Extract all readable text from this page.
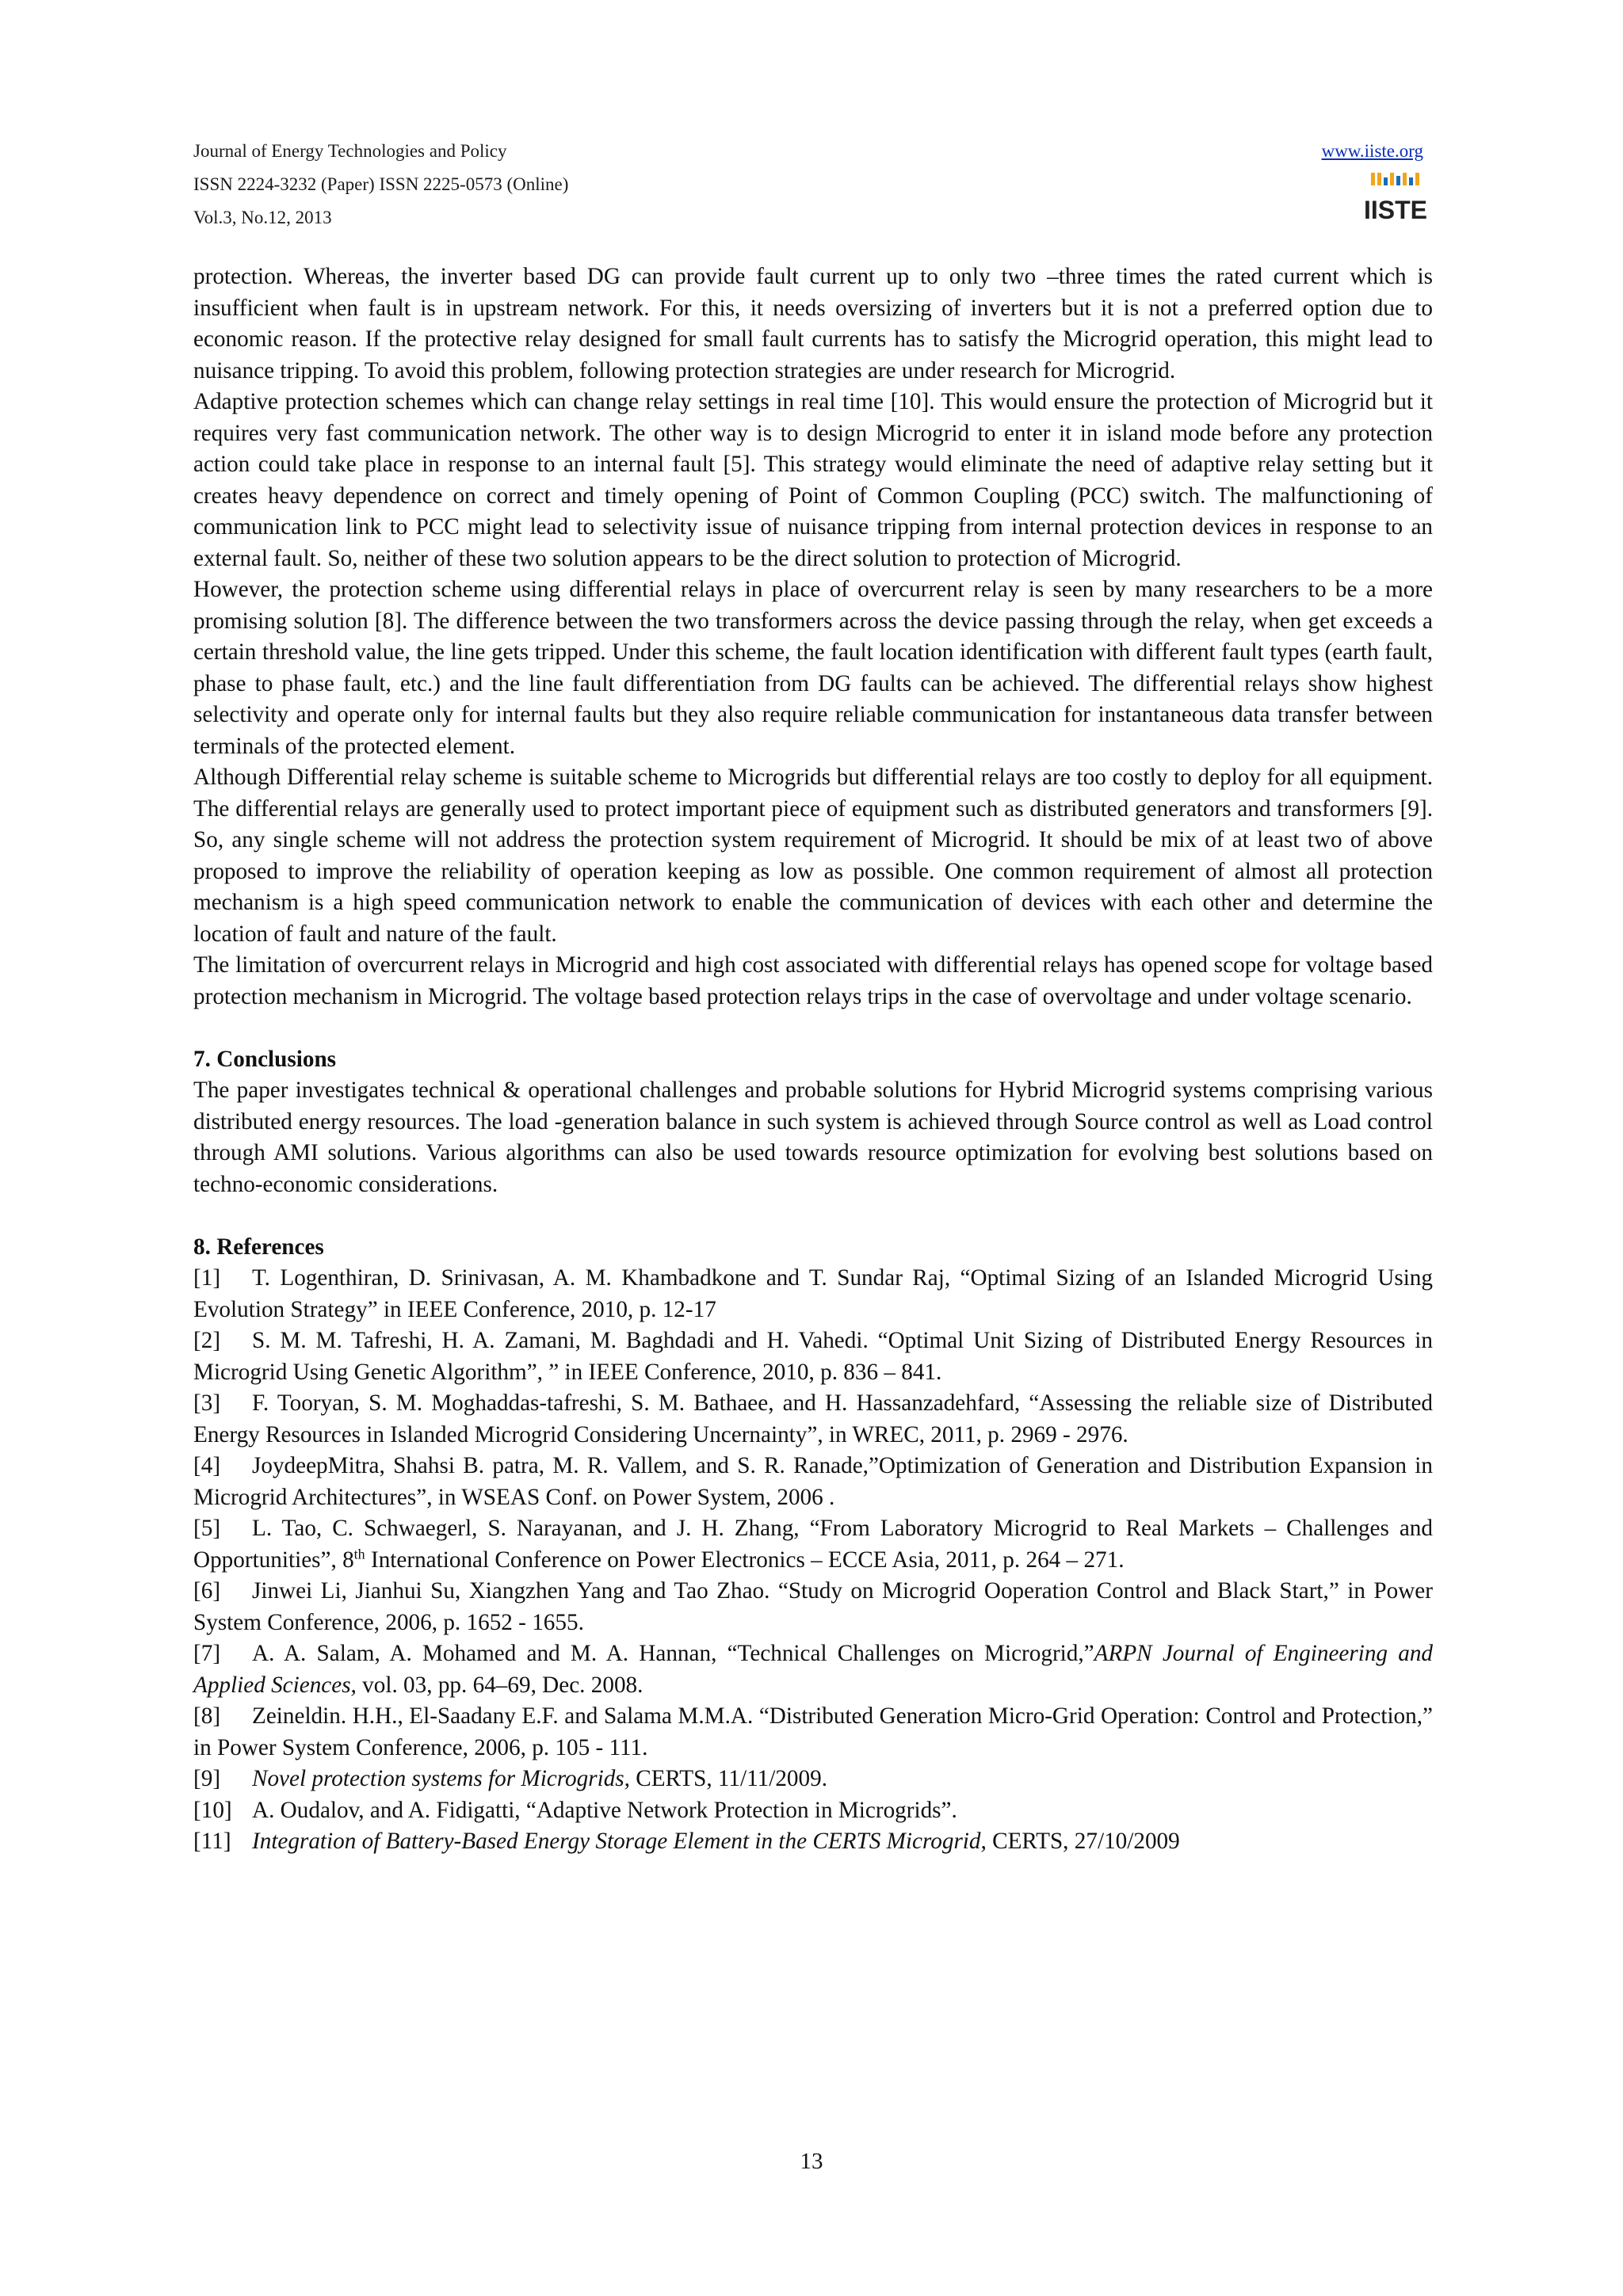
Journal of Energy Technologies and Policy
ISSN 2224-3232 (Paper) ISSN 2225-0573 (Online)
Vol.3, No.12, 2013
www.iiste.org
IISTE

protection. Whereas, the inverter based DG can provide fault current up to only two –three times the rated current which is insufficient when fault is in upstream network. For this, it needs oversizing of inverters but it is not a preferred option due to economic reason. If the protective relay designed for small fault currents has to satisfy the Microgrid operation, this might lead to nuisance tripping. To avoid this problem, following protection strategies are under research for Microgrid.

Adaptive protection schemes which can change relay settings in real time [10]. This would ensure the protection of Microgrid but it requires very fast communication network. The other way is to design Microgrid to enter it in island mode before any protection action could take place in response to an internal fault [5]. This strategy would eliminate the need of adaptive relay setting but it creates heavy dependence on correct and timely opening of Point of Common Coupling (PCC) switch. The malfunctioning of communication link to PCC might lead to selectivity issue of nuisance tripping from internal protection devices in response to an external fault. So, neither of these two solution appears to be the direct solution to protection of Microgrid.

However, the protection scheme using differential relays in place of overcurrent relay is seen by many researchers to be a more promising solution [8]. The difference between the two transformers across the device passing through the relay, when get exceeds a certain threshold value, the line gets tripped. Under this scheme, the fault location identification with different fault types (earth fault, phase to phase fault, etc.) and the line fault differentiation from DG faults can be achieved. The differential relays show highest selectivity and operate only for internal faults but they also require reliable communication for instantaneous data transfer between terminals of the protected element.

Although Differential relay scheme is suitable scheme to Microgrids but differential relays are too costly to deploy for all equipment. The differential relays are generally used to protect important piece of equipment such as distributed generators and transformers [9]. So, any single scheme will not address the protection system requirement of Microgrid. It should be mix of at least two of above proposed to improve the reliability of operation keeping as low as possible. One common requirement of almost all protection mechanism is a high speed communication network to enable the communication of devices with each other and determine the location of fault and nature of the fault.

The limitation of overcurrent relays in Microgrid and high cost associated with differential relays has opened scope for voltage based protection mechanism in Microgrid. The voltage based protection relays trips in the case of overvoltage and under voltage scenario.

7. Conclusions

The paper investigates technical & operational challenges and probable solutions for Hybrid Microgrid systems comprising various distributed energy resources. The load -generation balance in such system is achieved through Source control as well as Load control through AMI solutions. Various algorithms can also be used towards resource optimization for evolving best solutions based on techno-economic considerations.

8. References

[1] T. Logenthiran, D. Srinivasan, A. M. Khambadkone and T. Sundar Raj, “Optimal Sizing of an Islanded Microgrid Using Evolution Strategy” in IEEE Conference, 2010, p. 12-17

[2] S. M. M. Tafreshi, H. A. Zamani, M. Baghdadi and H. Vahedi. “Optimal Unit Sizing of Distributed Energy Resources in Microgrid Using Genetic Algorithm”, ” in IEEE Conference, 2010, p. 836 – 841.

[3] F. Tooryan, S. M. Moghaddas-tafreshi, S. M. Bathaee, and H. Hassanzadehfard, “Assessing the reliable size of Distributed Energy Resources in Islanded Microgrid Considering Uncernainty”, in WREC, 2011, p. 2969 - 2976.

[4] JoydeepMitra, Shahsi B. patra, M. R. Vallem, and S. R. Ranade,”Optimization of Generation and Distribution Expansion in Microgrid Architectures”, in WSEAS Conf. on Power System, 2006 .

[5] L. Tao, C. Schwaegerl, S. Narayanan, and J. H. Zhang, “From Laboratory Microgrid to Real Markets – Challenges and Opportunities”, 8th International Conference on Power Electronics – ECCE Asia, 2011, p. 264 – 271.

[6] Jinwei Li, Jianhui Su, Xiangzhen Yang and Tao Zhao. “Study on Microgrid Ooperation Control and Black Start,” in Power System Conference, 2006, p. 1652 - 1655.

[7] A. A. Salam, A. Mohamed and M. A. Hannan, “Technical Challenges on Microgrid,”ARPN Journal of Engineering and Applied Sciences, vol. 03, pp. 64–69, Dec. 2008.

[8] Zeineldin. H.H., El-Saadany E.F. and Salama M.M.A. “Distributed Generation Micro-Grid Operation: Control and Protection,” in Power System Conference, 2006, p. 105 - 111.

[9] Novel protection systems for Microgrids, CERTS, 11/11/2009.

[10] A. Oudalov, and A. Fidigatti, “Adaptive Network Protection in Microgrids”.

[11] Integration of Battery-Based Energy Storage Element in the CERTS Microgrid, CERTS, 27/10/2009

13
